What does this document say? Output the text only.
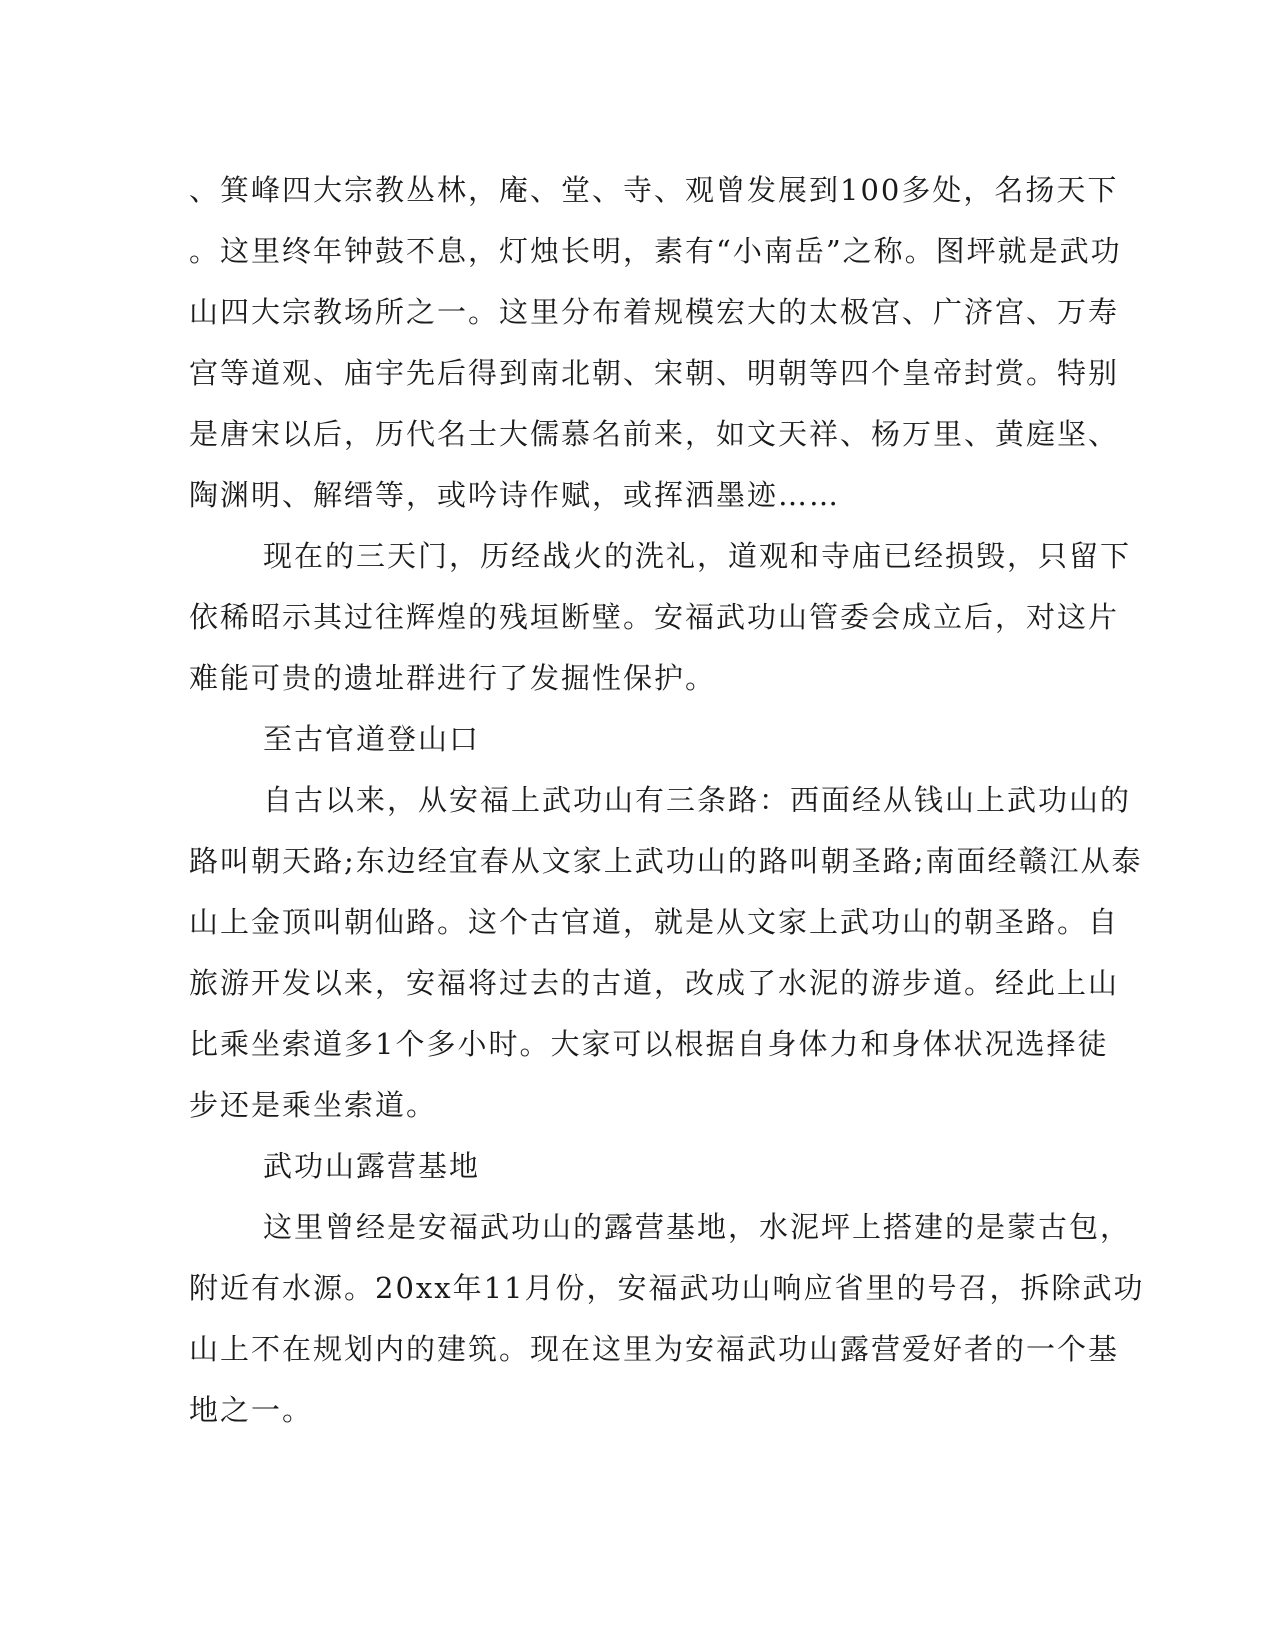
、箕峰四大宗教丛林，庵、堂、寺、观曾发展到100多处，名扬天下
。这里终年钟鼓不息，灯烛长明，素有“小南岳”之称。图坪就是武功
山四大宗教场所之一。这里分布着规模宏大的太极宫、广济宫、万寿
宫等道观、庙宇先后得到南北朝、宋朝、明朝等四个皇帝封赏。特别
是唐宋以后，历代名士大儒慕名前来，如文天祥、杨万里、黄庭坚、
陶渊明、解缙等，或吟诗作赋，或挥洒墨迹……
现在的三天门，历经战火的洗礼，道观和寺庙已经损毁，只留下
依稀昭示其过往辉煌的残垣断壁。安福武功山管委会成立后，对这片
难能可贵的遗址群进行了发掘性保护。
至古官道登山口
自古以来，从安福上武功山有三条路：西面经从钱山上武功山的
路叫朝天路;东边经宜春从文家上武功山的路叫朝圣路;南面经赣江从泰
山上金顶叫朝仙路。这个古官道，就是从文家上武功山的朝圣路。自
旅游开发以来，安福将过去的古道，改成了水泥的游步道。经此上山
比乘坐索道多1个多小时。大家可以根据自身体力和身体状况选择徒
步还是乘坐索道。
武功山露营基地
这里曾经是安福武功山的露营基地，水泥坪上搭建的是蒙古包，
附近有水源。20xx年11月份，安福武功山响应省里的号召，拆除武功
山上不在规划内的建筑。现在这里为安福武功山露营爱好者的一个基
地之一。
